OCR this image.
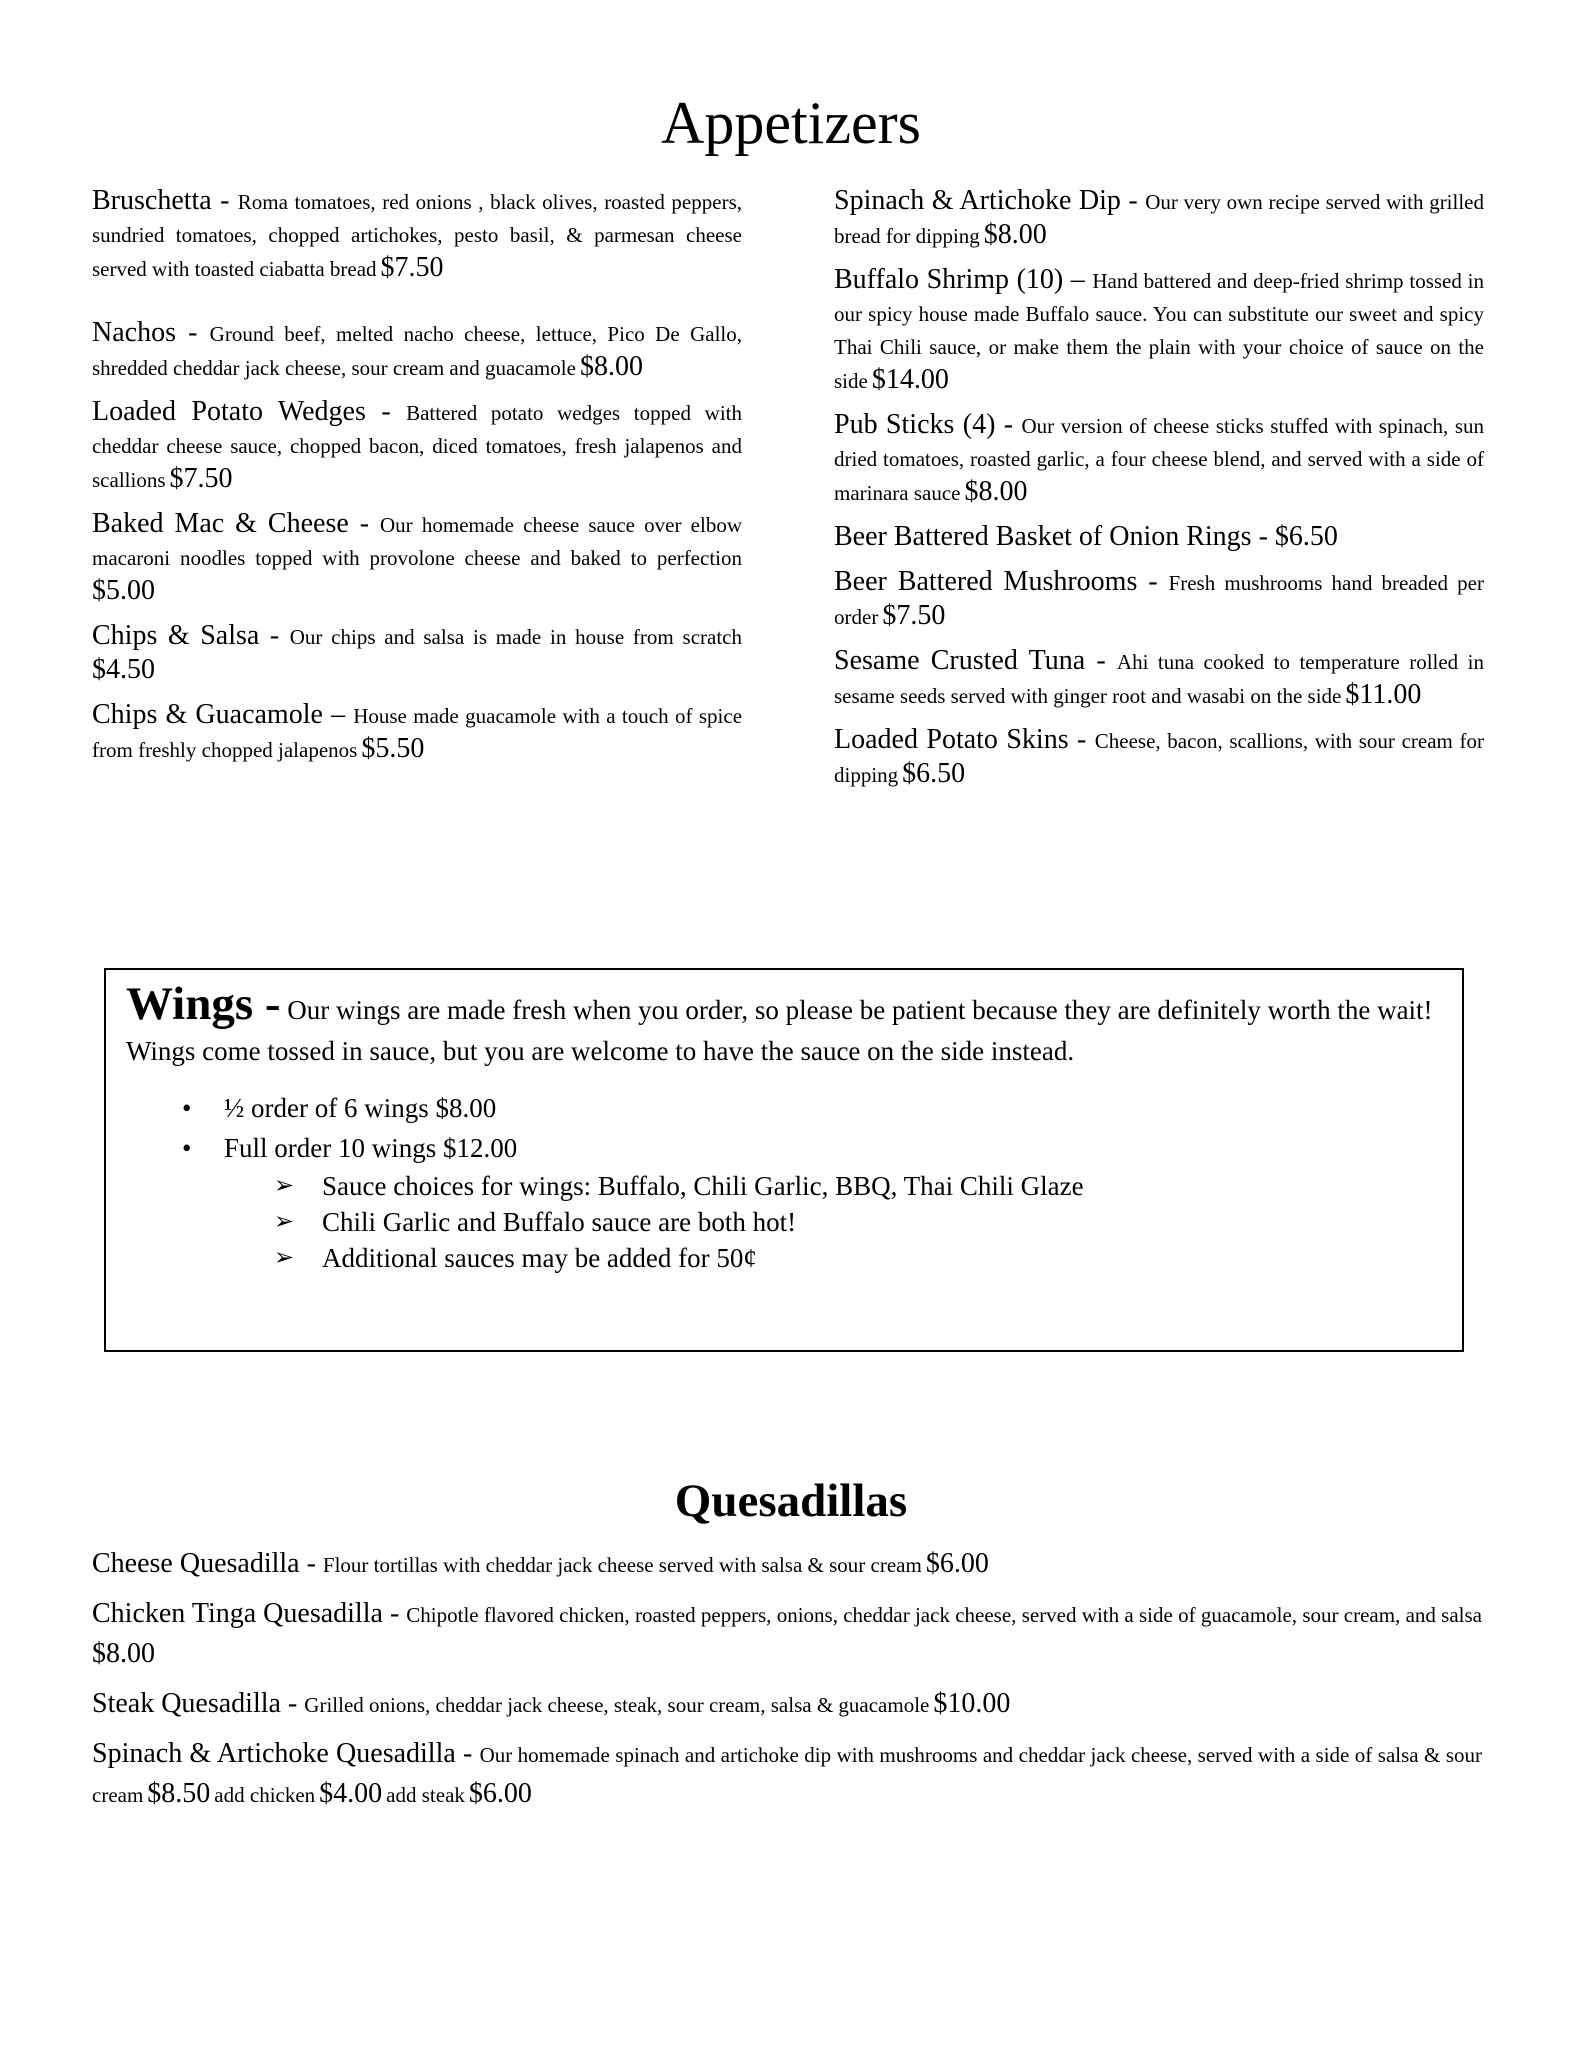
Appetizers

Bruschetta - Roma tomatoes, red onions , black olives, roasted peppers, sundried tomatoes, chopped artichokes, pesto basil, & parmesan cheese served with toasted ciabatta bread $7.50

Nachos - Ground beef, melted nacho cheese, lettuce, Pico De Gallo, shredded cheddar jack cheese, sour cream and guacamole $8.00

Loaded Potato Wedges - Battered potato wedges topped with cheddar cheese sauce, chopped bacon, diced tomatoes, fresh jalapenos and scallions $7.50

Baked Mac & Cheese - Our homemade cheese sauce over elbow macaroni noodles topped with provolone cheese and baked to perfection $5.00

Chips & Salsa - Our chips and salsa is made in house from scratch $4.50

Chips & Guacamole – House made guacamole with a touch of spice from freshly chopped jalapenos $5.50

Spinach & Artichoke Dip - Our very own recipe served with grilled bread for dipping $8.00

Buffalo Shrimp (10) – Hand battered and deep-fried shrimp tossed in our spicy house made Buffalo sauce. You can substitute our sweet and spicy Thai Chili sauce, or make them the plain with your choice of sauce on the side $14.00

Pub Sticks (4) - Our version of cheese sticks stuffed with spinach, sun dried tomatoes, roasted garlic, a four cheese blend, and served with a side of marinara sauce $8.00

Beer Battered Basket of Onion Rings - $6.50

Beer Battered Mushrooms - Fresh mushrooms hand breaded per order $7.50

Sesame Crusted Tuna - Ahi tuna cooked to temperature rolled in sesame seeds served with ginger root and wasabi on the side $11.00

Loaded Potato Skins - Cheese, bacon, scallions, with sour cream for dipping $6.50

Wings - Our wings are made fresh when you order, so please be patient because they are definitely worth the wait! Wings come tossed in sauce, but you are welcome to have the sauce on the side instead.

• ½ order of 6 wings $8.00
• Full order 10 wings $12.00
➢ Sauce choices for wings: Buffalo, Chili Garlic, BBQ, Thai Chili Glaze
➢ Chili Garlic and Buffalo sauce are both hot!
➢ Additional sauces may be added for 50¢
Quesadillas

Cheese Quesadilla - Flour tortillas with cheddar jack cheese served with salsa & sour cream $6.00

Chicken Tinga Quesadilla - Chipotle flavored chicken, roasted peppers, onions, cheddar jack cheese, served with a side of guacamole, sour cream, and salsa $8.00

Steak Quesadilla - Grilled onions, cheddar jack cheese, steak, sour cream, salsa & guacamole $10.00

Spinach & Artichoke Quesadilla - Our homemade spinach and artichoke dip with mushrooms and cheddar jack cheese, served with a side of salsa & sour cream $8.50 add chicken $4.00 add steak $6.00
